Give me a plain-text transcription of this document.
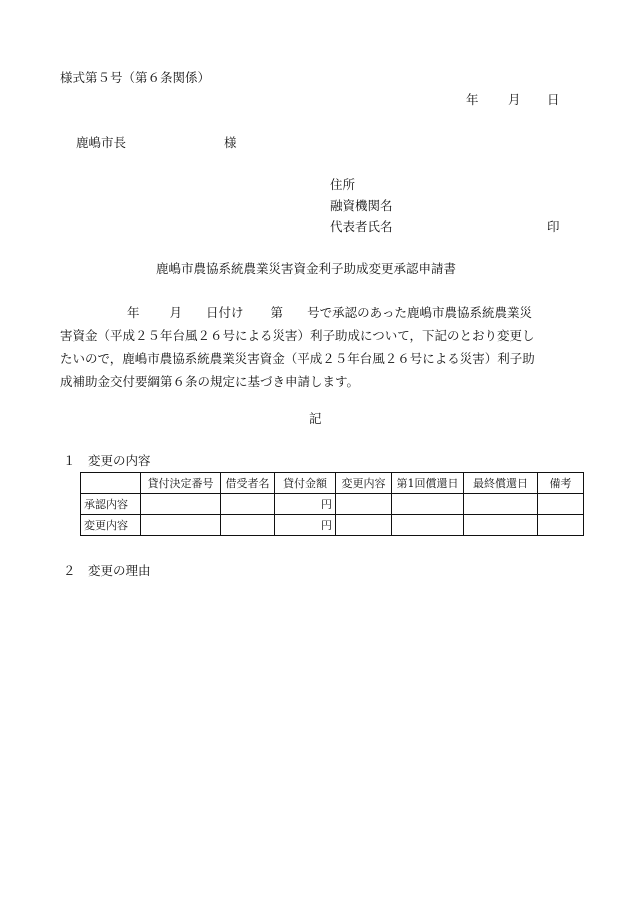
様式第５号（第６条関係）
年 月 日
鹿嶋市長	様
住所
融資機関名
代表者氏名	印
鹿嶋市農協系統農業災害資金利子助成変更承認申請書
年 月 日付け 第 号で承認のあった鹿嶋市農協系統農業災
害資金（平成２５年台風２６号による災害）利子助成について，下記のとおり変更し
たいので，鹿嶋市農協系統農業災害資金（平成２５年台風２６号による災害）利子助
成補助金交付要綱第６条の規定に基づき申請します。
記
１ 変更の内容
	貸付決定番号	借受者名	貸付金額	変更内容	第1回償還日	最終償還日	備考
承認内容			円				
変更内容			円				
２ 変更の理由
